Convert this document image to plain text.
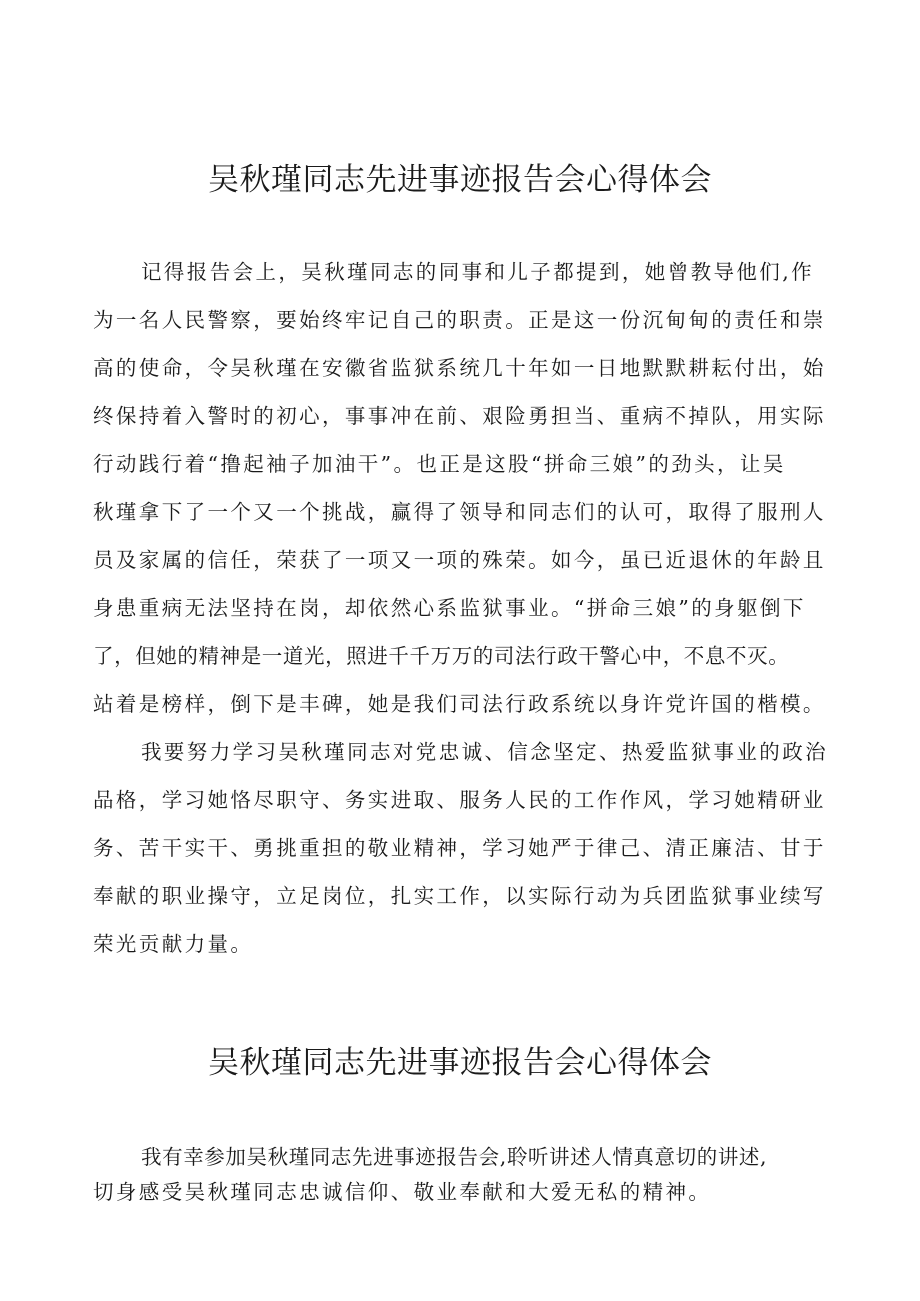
吴秋瑾同志先进事迹报告会心得体会
记得报告会上，吴秋瑾同志的同事和儿子都提到，她曾教导他们,作
为一名人民警察，要始终牢记自己的职责。正是这一份沉甸甸的责任和崇
高的使命，令吴秋瑾在安徽省监狱系统几十年如一日地默默耕耘付出，始
终保持着入警时的初心，事事冲在前、艰险勇担当、重病不掉队，用实际
行动践行着“撸起袖子加油干”。也正是这股“拼命三娘”的劲头，让吴
秋瑾拿下了一个又一个挑战，赢得了领导和同志们的认可，取得了服刑人
员及家属的信任，荣获了一项又一项的殊荣。如今，虽已近退休的年龄且
身患重病无法坚持在岗，却依然心系监狱事业。“拼命三娘”的身躯倒下
了，但她的精神是一道光，照进千千万万的司法行政干警心中，不息不灭。
站着是榜样，倒下是丰碑，她是我们司法行政系统以身许党许国的楷模。
我要努力学习吴秋瑾同志对党忠诚、信念坚定、热爱监狱事业的政治
品格，学习她恪尽职守、务实进取、服务人民的工作作风，学习她精研业
务、苦干实干、勇挑重担的敬业精神，学习她严于律己、清正廉洁、甘于
奉献的职业操守，立足岗位，扎实工作，以实际行动为兵团监狱事业续写
荣光贡献力量。
吴秋瑾同志先进事迹报告会心得体会
我有幸参加吴秋瑾同志先进事迹报告会,聆听讲述人情真意切的讲述,
切身感受吴秋瑾同志忠诚信仰、敬业奉献和大爱无私的精神。
